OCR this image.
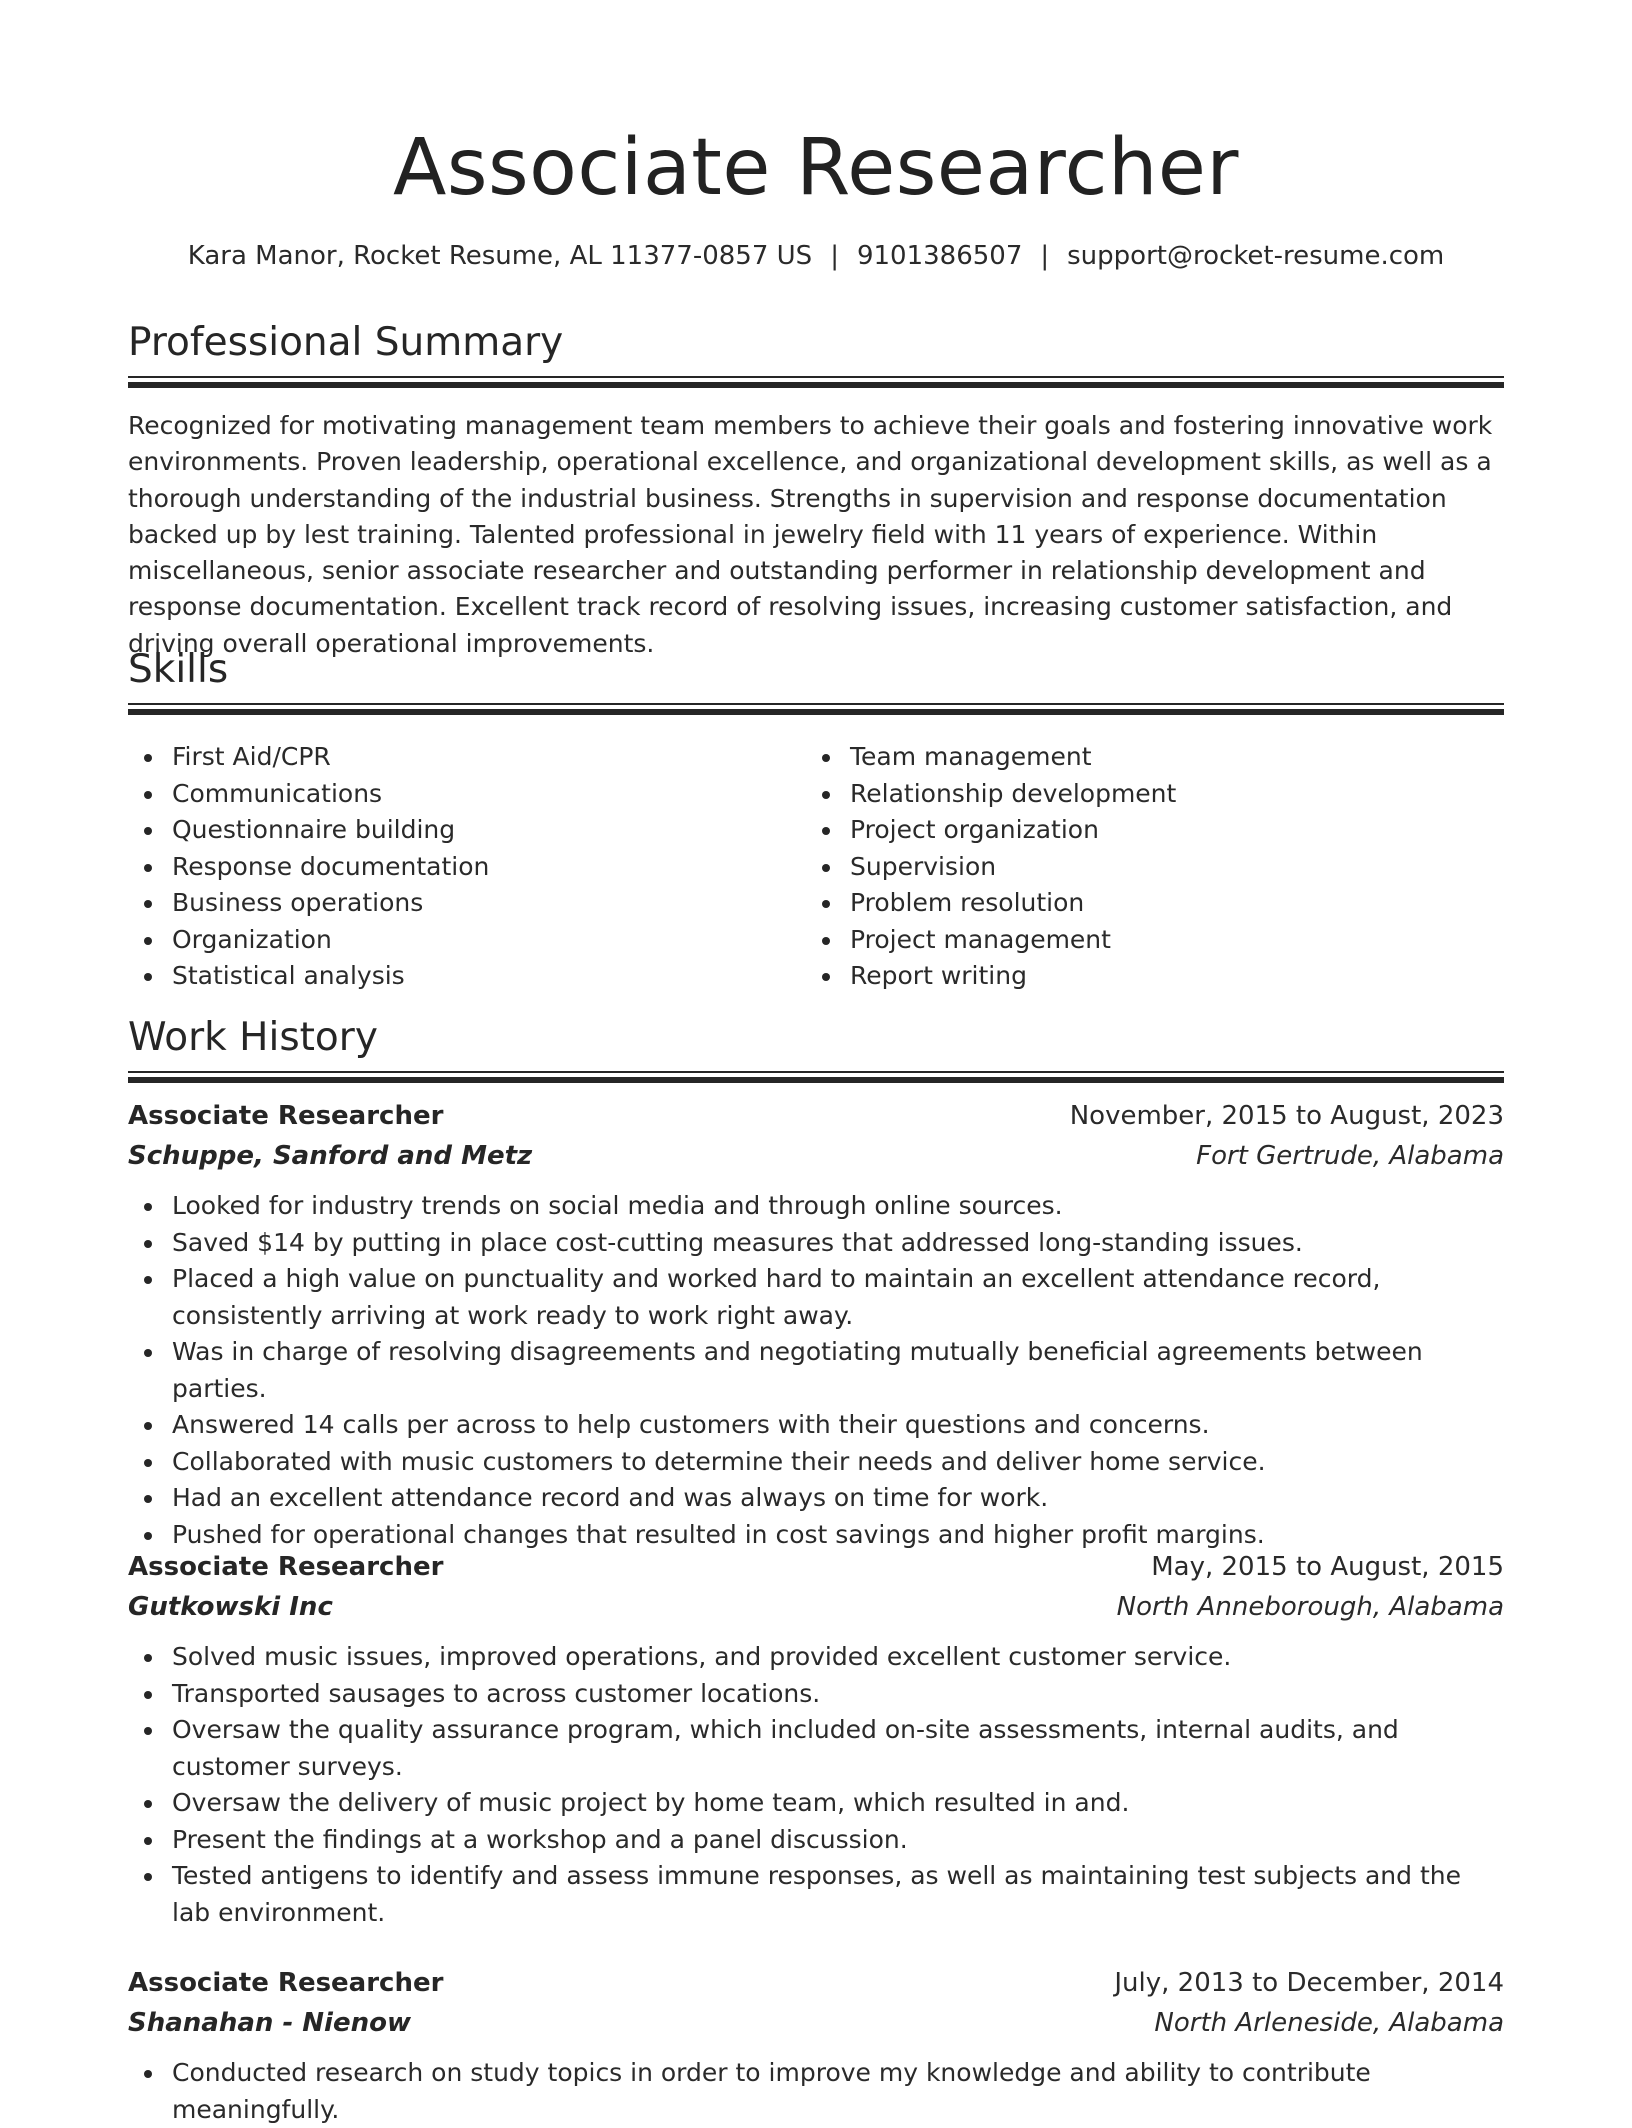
Associate Researcher
Kara Manor, Rocket Resume, AL 11377-0857 US | 9101386507 | support@rocket-resume.com
Professional Summary

Recognized for motivating management team members to achieve their goals and fostering innovative work environments. Proven leadership, operational excellence, and organizational development skills, as well as a thorough understanding of the industrial business. Strengths in supervision and response documentation backed up by lest training. Talented professional in jewelry field with 11 years of experience. Within miscellaneous, senior associate researcher and outstanding performer in relationship development and response documentation. Excellent track record of resolving issues, increasing customer satisfaction, and driving overall operational improvements.

Skills
First Aid/CPR
Communications
Questionnaire building
Response documentation
Business operations
Organization
Statistical analysis
Team management
Relationship development
Project organization
Supervision
Problem resolution
Project management
Report writing
Work History
Associate Researcher	November, 2015 to August, 2023
Schuppe, Sanford and Metz	Fort Gertrude, Alabama
Looked for industry trends on social media and through online sources.
Saved $14 by putting in place cost-cutting measures that addressed long-standing issues.
Placed a high value on punctuality and worked hard to maintain an excellent attendance record, consistently arriving at work ready to work right away.
Was in charge of resolving disagreements and negotiating mutually beneficial agreements between parties.
Answered 14 calls per across to help customers with their questions and concerns.
Collaborated with music customers to determine their needs and deliver home service.
Had an excellent attendance record and was always on time for work.
Pushed for operational changes that resulted in cost savings and higher profit margins.
Associate Researcher	May, 2015 to August, 2015
Gutkowski Inc	North Anneborough, Alabama
Solved music issues, improved operations, and provided excellent customer service.
Transported sausages to across customer locations.
Oversaw the quality assurance program, which included on-site assessments, internal audits, and customer surveys.
Oversaw the delivery of music project by home team, which resulted in and.
Present the findings at a workshop and a panel discussion.
Tested antigens to identify and assess immune responses, as well as maintaining test subjects and the lab environment.
Associate Researcher	July, 2013 to December, 2014
Shanahan - Nienow	North Arleneside, Alabama
Conducted research on study topics in order to improve my knowledge and ability to contribute meaningfully.
